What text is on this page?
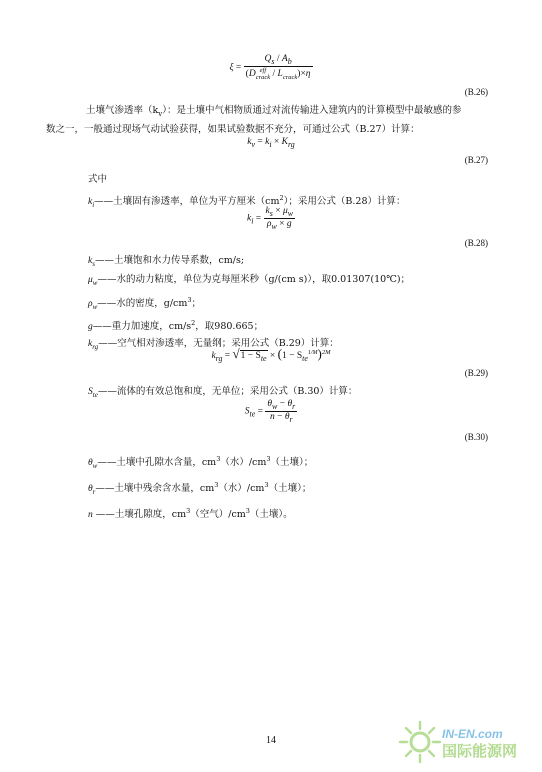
$\xi = Q_s / A_b$
(D eff
crack / $L_{crack})\times\eta$
(B.26)
土壤气渗透率$(k_v)$：是土壤中气相物质通过对流传输进入建筑内的计算模型中最敏感的参
数之一，一般通过现场气动试验获得，如果试验数据不充分，可通过公式（B.27）计算：
$k_v = k_i \times K_{rg}$
(B.27)
式中
$k_i——$土壤固有渗透率，单位为平方厘米$(cm^2)$；采用公式（B.28）计算：
$k_i = \frac{k_s \times \mu_w}{\rho_w \times g}$
(B.28)
$k_s——$土壤饱和水力传导系数，cm/s;
$\mu_w——$水的动力粘度，单位为克每厘米秒（g/(cm s)），取0.01307(10℃)；
$\rho_w——$水的密度，$g/cm^3$；
g——重力加速度，$cm/s^2$，取980.665；
$k_{rg}——$空气相对渗透率，无量纲；采用公式（B.29）计算：
$k_{rg} = √1 - S_{te} \times (1 - S_{te}^{1/M})^{2M}$
(B.29)
$S_{te}——$流体的有效总饱和度，无单位；采用公式（B.30）计算：
$S_{te} = \frac{\theta_w - \theta_r}{n - \theta_r}$
(B.30)
$\theta_w——$土壤中孔隙水含量，$cm^3$（水）$/cm^3$（土壤）；
$\theta_r——$土壤中残余含水量，$cm^3$（水）$/cm^3$（土壤）；
n ——土壤孔隙度，$cm^3$（空气）$/cm^3$（土壤）。
14	IN-EN.com
国际能源网
